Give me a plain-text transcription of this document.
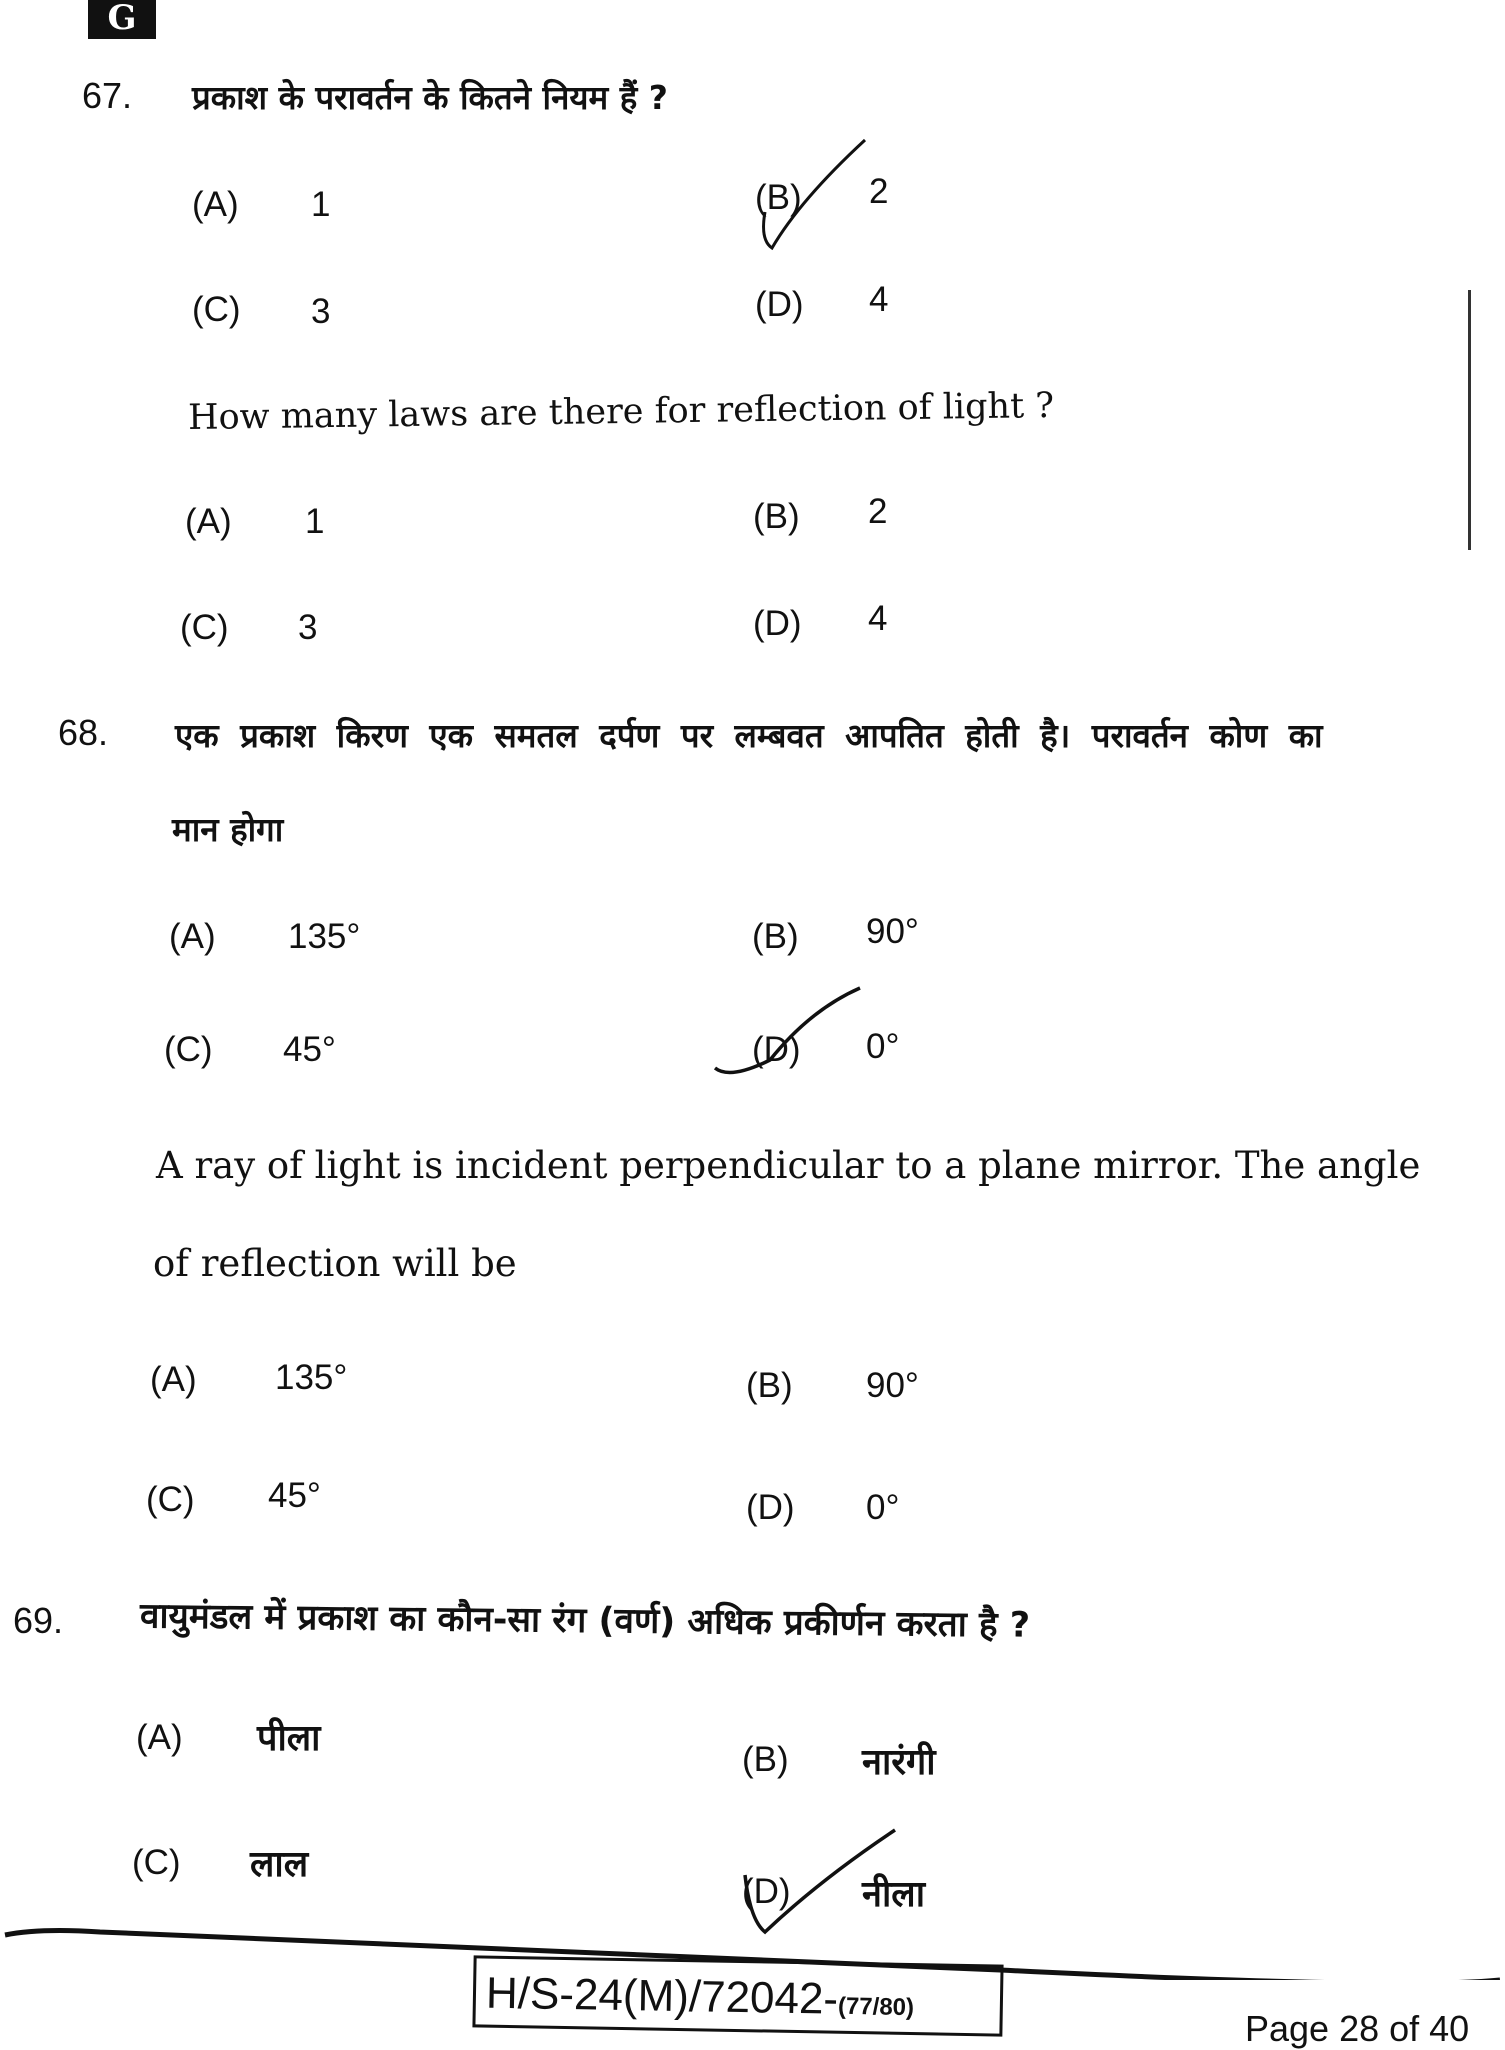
G
67. प्रकाश के परावर्तन के कितने नियम हैं ?
(A) 1	(B) 2
(C) 3	(D) 4
How many laws are there for reflection of light ?
(A) 1	(B) 2
(C) 3	(D) 4
68. एक प्रकाश किरण एक समतल दर्पण पर लम्बवत आपतित होती है। परावर्तन कोण का
मान होगा
(A) 135°	(B) 90°
(C) 45°	(D) 0°
A ray of light is incident perpendicular to a plane mirror. The angle
of reflection will be
(A) 135°	(B) 90°
(C) 45°	(D) 0°
69. वायुमंडल में प्रकाश का कौन-सा रंग (वर्ण) अधिक प्रकीर्णन करता है ?
(A) पीला
(B) नारंगी
(C) लाल
(D) नीला
H/S-24(M)/72042-(77/80)
Page 28 of 40
